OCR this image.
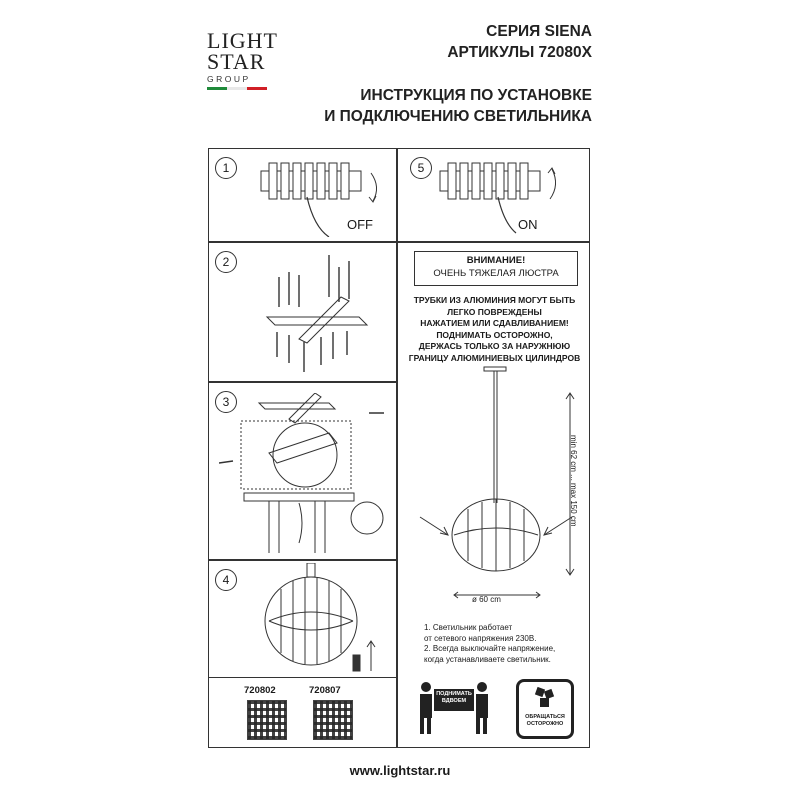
LIGHT
STAR
GROUP
СЕРИЯ SIENA
АРТИКУЛЫ 72080Х
ИНСТРУКЦИЯ ПО УСТАНОВКЕ
И ПОДКЛЮЧЕНИЮ СВЕТИЛЬНИКА
1
OFF
5
ON
2
3
4
720802	720807
ВНИМАНИЕ!
ОЧЕНЬ ТЯЖЕЛАЯ ЛЮСТРА
ТРУБКИ ИЗ АЛЮМИНИЯ МОГУТ БЫТЬ
ЛЕГКО ПОВРЕЖДЕНЫ
НАЖАТИЕМ ИЛИ СДАВЛИВАНИЕМ!
ПОДНИМАТЬ ОСТОРОЖНО,
ДЕРЖАСЬ ТОЛЬКО ЗА НАРУЖНЮЮ
ГРАНИЦУ АЛЮМИНИЕВЫХ ЦИЛИНДРОВ
min 62 cm ... max 150 cm
ø 60 cm
1. Светильник работает
от сетевого напряжения 230В.
2. Всегда выключайте напряжение,
когда устанавливаете светильник.
ПОДНИМАТЬ
ВДВОЕМ
ОБРАЩАТЬСЯ
ОСТОРОЖНО
www.lightstar.ru
